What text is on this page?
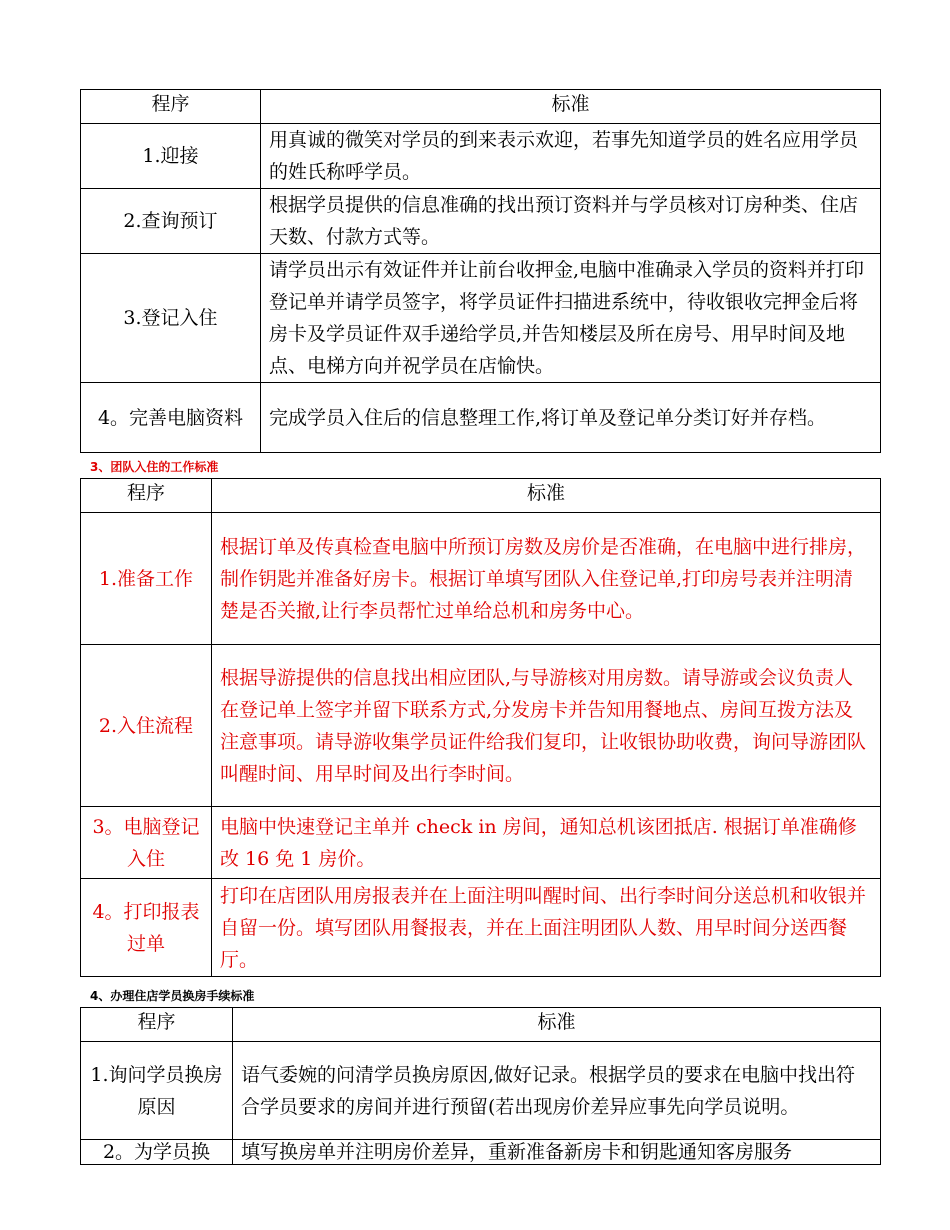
程序	标准
1.迎接	用真诚的微笑对学员的到来表示欢迎，若事先知道学员的姓名应用学员的姓氏称呼学员。
2.查询预订	根据学员提供的信息准确的找出预订资料并与学员核对订房种类、住店天数、付款方式等。
3.登记入住	请学员出示有效证件并让前台收押金,电脑中准确录入学员的资料并打印登记单并请学员签字，将学员证件扫描进系统中，待收银收完押金后将房卡及学员证件双手递给学员,并告知楼层及所在房号、用早时间及地点、电梯方向并祝学员在店愉快。
4。完善电脑资料	完成学员入住后的信息整理工作,将订单及登记单分类订好并存档。
3、团队入住的工作标准
程序	标准
1.准备工作	根据订单及传真检查电脑中所预订房数及房价是否准确，在电脑中进行排房，制作钥匙并准备好房卡。根据订单填写团队入住登记单,打印房号表并注明清楚是否关撤,让行李员帮忙过单给总机和房务中心。
2.入住流程	根据导游提供的信息找出相应团队,与导游核对用房数。请导游或会议负责人在登记单上签字并留下联系方式,分发房卡并告知用餐地点、房间互拨方法及注意事项。请导游收集学员证件给我们复印，让收银协助收费，询问导游团队叫醒时间、用早时间及出行李时间。
3。电脑登记入住	电脑中快速登记主单并 check in 房间，通知总机该团抵店. 根据订单准确修改 16 免 1 房价。
4。打印报表过单	打印在店团队用房报表并在上面注明叫醒时间、出行李时间分送总机和收银并自留一份。填写团队用餐报表，并在上面注明团队人数、用早时间分送西餐厅。
4、办理住店学员换房手续标准
程序	标准
1.询问学员换房原因	语气委婉的问清学员换房原因,做好记录。根据学员的要求在电脑中找出符合学员要求的房间并进行预留(若出现房价差异应事先向学员说明。
2。为学员换	填写换房单并注明房价差异，重新准备新房卡和钥匙通知客房服务
